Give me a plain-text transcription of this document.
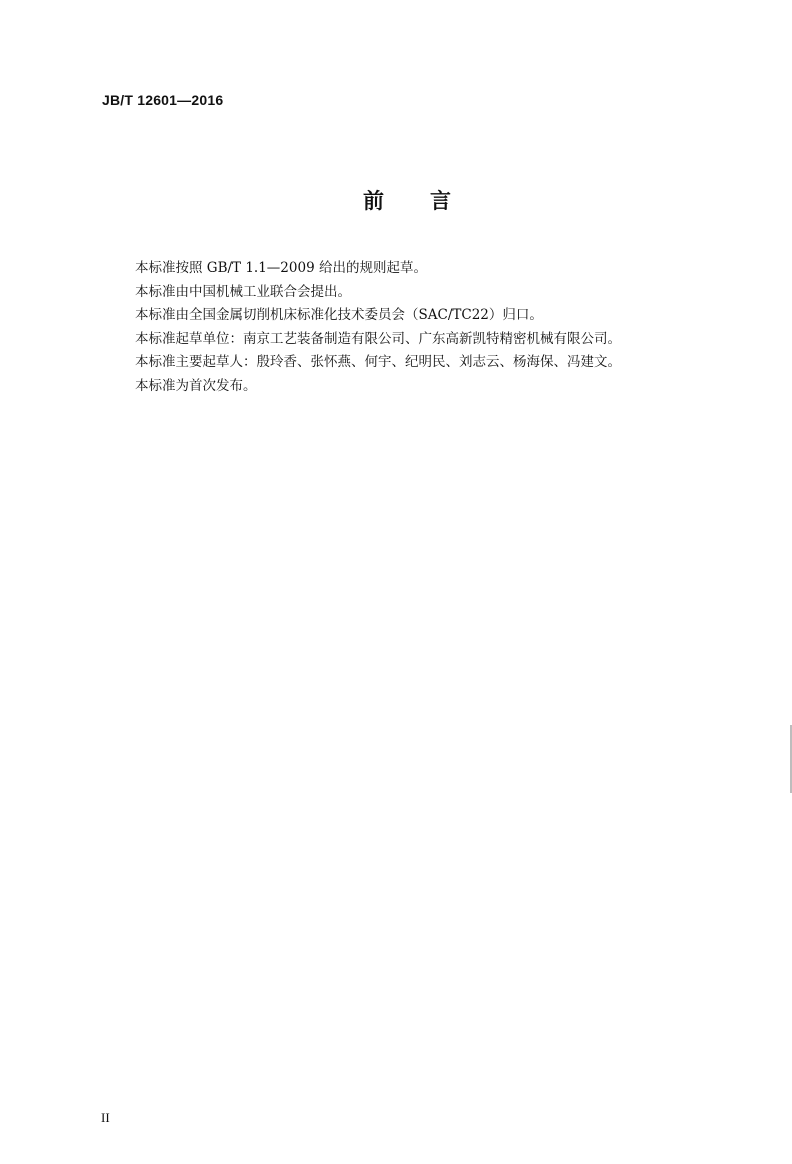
JB/T 12601—2016
前言
本标准按照 GB/T 1.1—2009 给出的规则起草。
本标准由中国机械工业联合会提出。
本标准由全国金属切削机床标准化技术委员会（SAC/TC22）归口。
本标准起草单位：南京工艺装备制造有限公司、广东高新凯特精密机械有限公司。
本标准主要起草人：殷玲香、张怀燕、何宇、纪明民、刘志云、杨海保、冯建文。
本标准为首次发布。
II
